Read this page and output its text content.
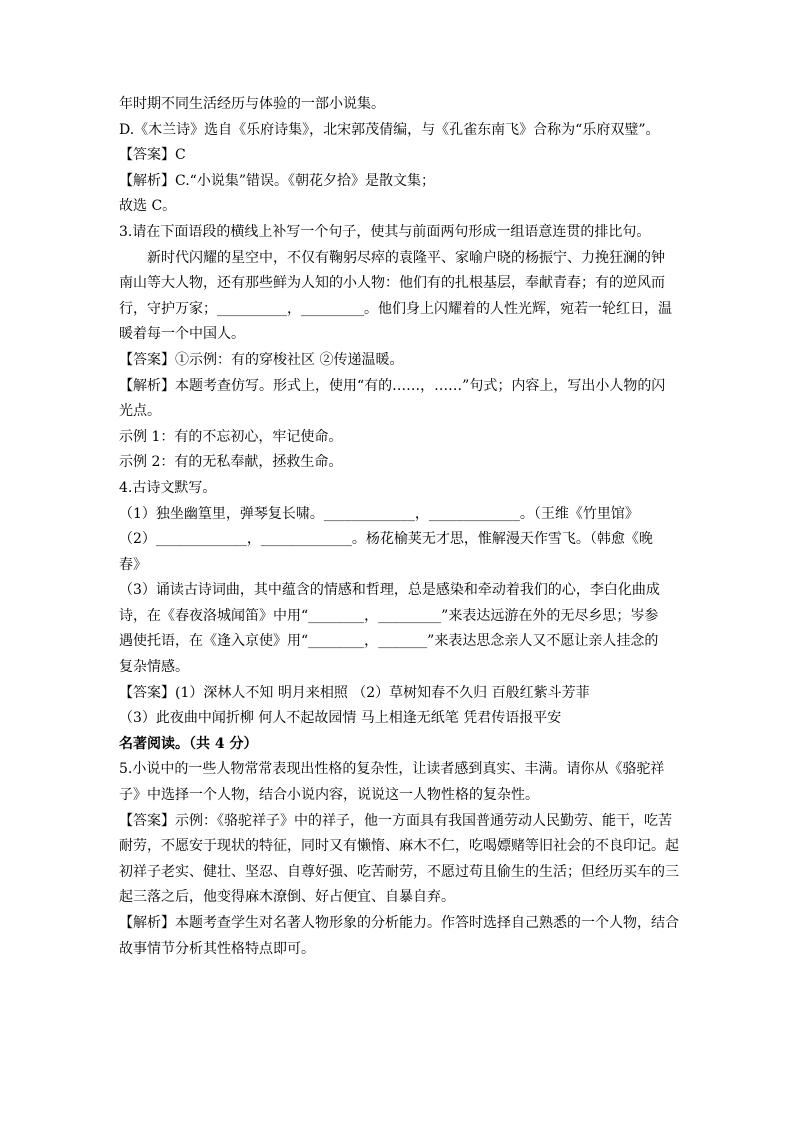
年时期不同生活经历与体验的一部小说集。
D.《木兰诗》选自《乐府诗集》，北宋郭茂倩编，与《孔雀东南飞》合称为“乐府双璧”。
【答案】C
【解析】C.“小说集”错误。《朝花夕拾》是散文集；
故选 C。
3.请在下面语段的横线上补写一个句子，使其与前面两句形成一组语意连贯的排比句。
新时代闪耀的星空中，不仅有鞠躬尽瘁的袁隆平、家喻户晓的杨振宁、力挽狂澜的钟
南山等大人物，还有那些鲜为人知的小人物：他们有的扎根基层，奉献青春；有的逆风而
行，守护万家；__________，_________。他们身上闪耀着的人性光辉，宛若一轮红日，温
暖着每一个中国人。
【答案】①示例：有的穿梭社区 ②传递温暖。
【解析】本题考查仿写。形式上，使用“有的……，……”句式；内容上，写出小人物的闪
光点。
示例 1：有的不忘初心，牢记使命。
示例 2：有的无私奉献，拯救生命。
4.古诗文默写。
（1）独坐幽篁里，弹琴复长啸。_____________，_____________。（王维《竹里馆》
（2）_____________，_____________。杨花榆荚无才思，惟解漫天作雪飞。（韩愈《晚
春》
（3）诵读古诗词曲，其中蕴含的情感和哲理，总是感染和牵动着我们的心，李白化曲成
诗，在《春夜洛城闻笛》中用“________，_________”来表达远游在外的无尽乡思；岑参
遇使托语，在《逢入京使》用“________，_______”来表达思念亲人又不愿让亲人挂念的
复杂情感。
【答案】(1）深林人不知 明月来相照 （2）草树知春不久归 百般红紫斗芳菲
（3）此夜曲中闻折柳 何人不起故园情 马上相逢无纸笔 凭君传语报平安
名著阅读。（共 4 分）
5.小说中的一些人物常常表现出性格的复杂性，让读者感到真实、丰满。请你从《骆驼祥
子》中选择一个人物，结合小说内容，说说这一人物性格的复杂性。
【答案】示例：《骆驼祥子》中的祥子，他一方面具有我国普通劳动人民勤劳、能干，吃苦
耐劳，不愿安于现状的特征，同时又有懒惰、麻木不仁，吃喝嫖赌等旧社会的不良印记。起
初祥子老实、健壮、坚忍、自尊好强、吃苦耐劳，不愿过苟且偷生的生活；但经历买车的三
起三落之后，他变得麻木潦倒、好占便宜、自暴自弃。
【解析】本题考查学生对名著人物形象的分析能力。作答时选择自己熟悉的一个人物，结合
故事情节分析其性格特点即可。
